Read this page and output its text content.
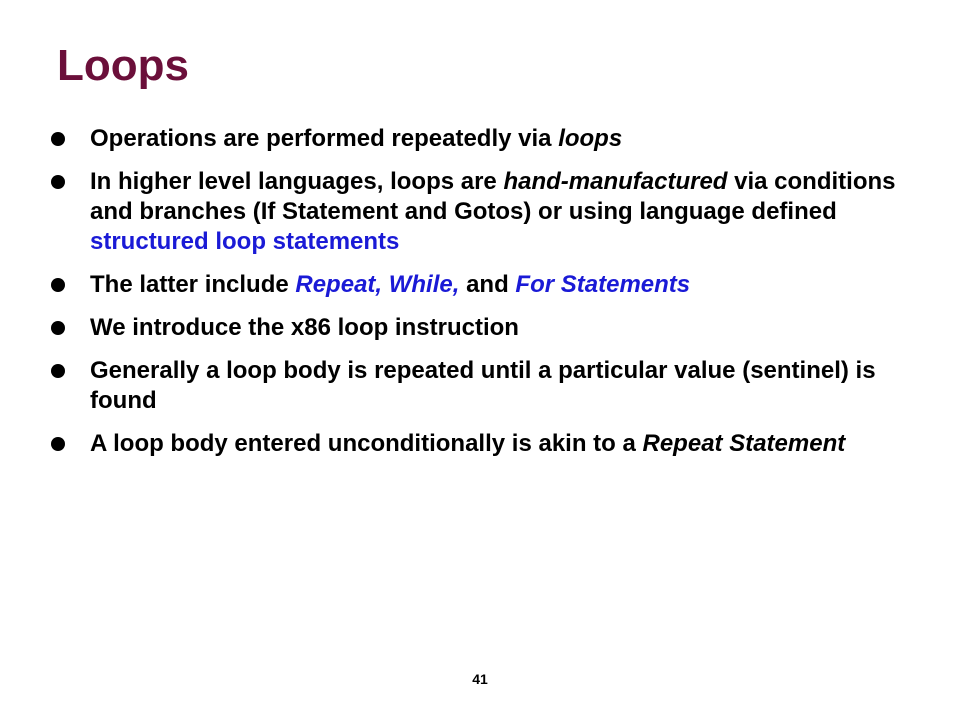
Loops
Operations are performed repeatedly via loops
In higher level languages, loops are hand-manufactured via conditions and branches (If Statement and Gotos) or using language defined structured loop statements
The latter include Repeat, While, and For Statements
We introduce the x86 loop instruction
Generally a loop body is repeated until a particular value (sentinel) is found
A loop body entered unconditionally is akin to a Repeat Statement
41
